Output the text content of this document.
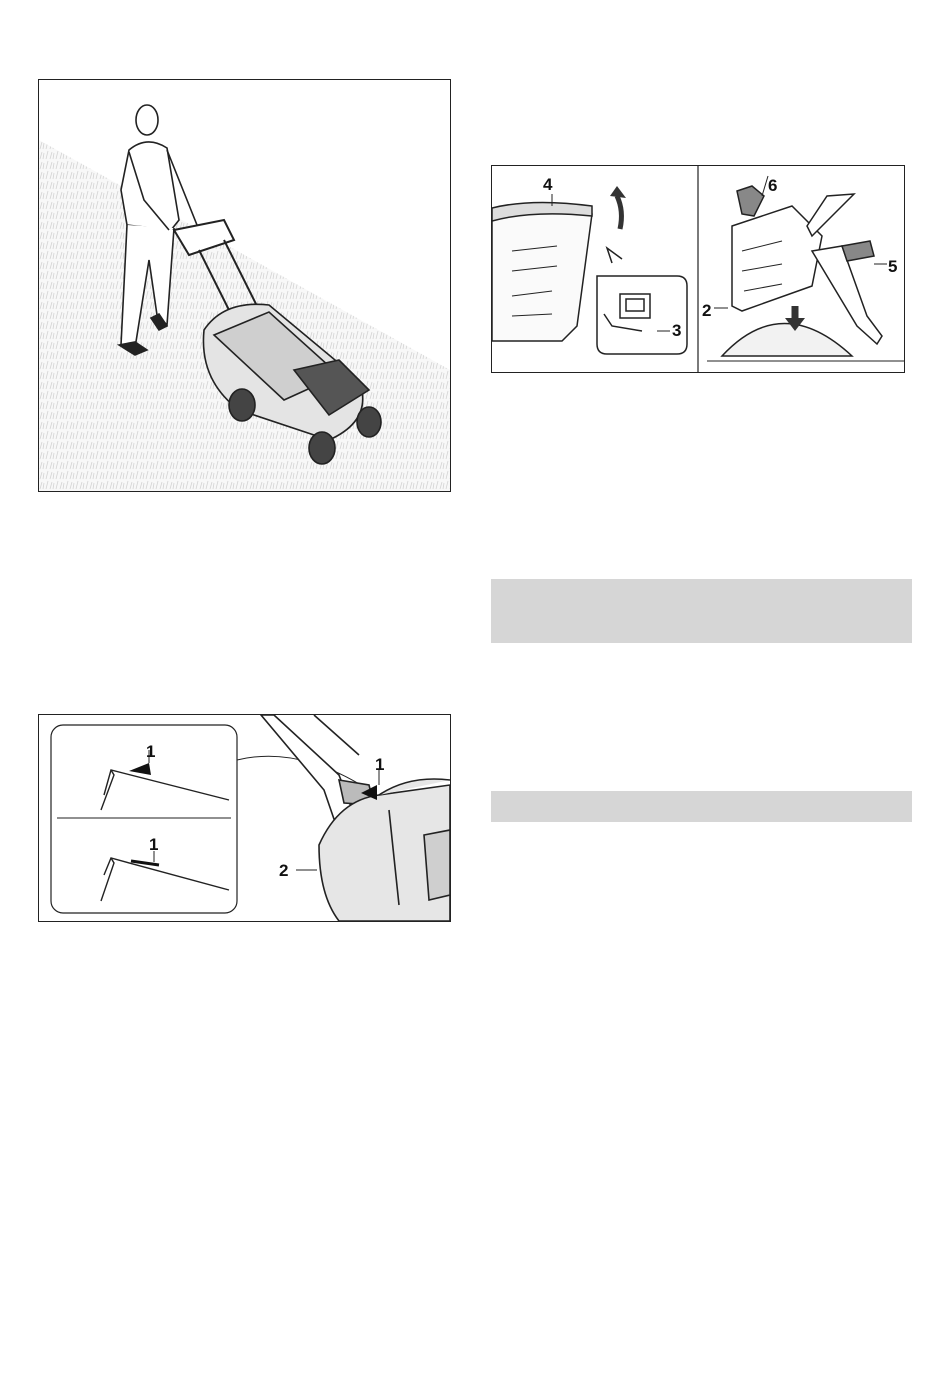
4
3
6
2
5
1
1
1
2
